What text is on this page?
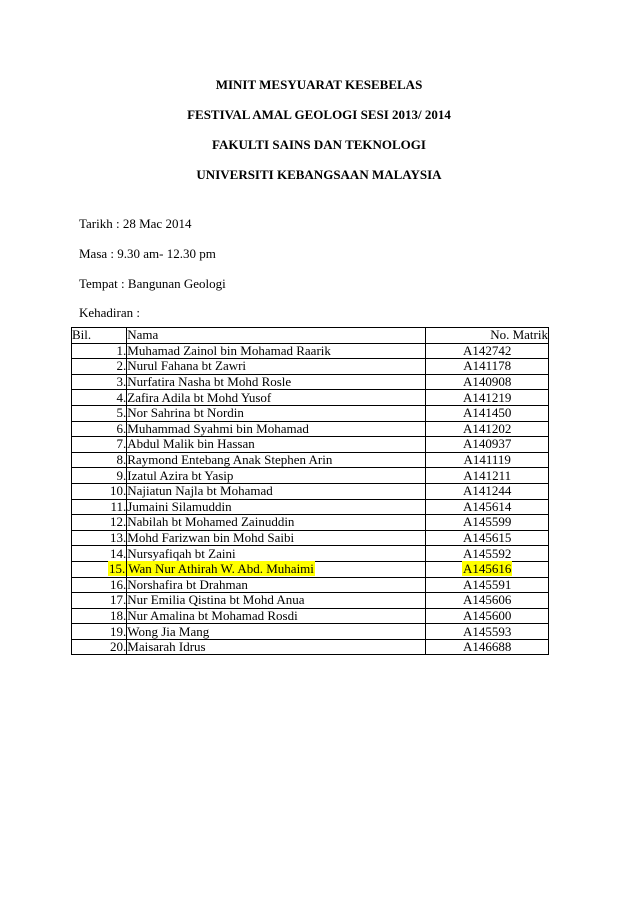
MINIT MESYUARAT KESEBELAS

FESTIVAL AMAL GEOLOGI SESI 2013/ 2014

FAKULTI SAINS DAN TEKNOLOGI

UNIVERSITI KEBANGSAAN MALAYSIA

Tarikh : 28 Mac 2014

Masa : 9.30 am- 12.30 pm

Tempat : Bangunan Geologi

Kehadiran :

Bil.	Nama	No. Matrik
1.	Muhamad Zainol bin Mohamad Raarik	A142742
2.	Nurul Fahana bt Zawri	A141178
3.	Nurfatira Nasha bt Mohd Rosle	A140908
4.	Zafira Adila bt Mohd Yusof	A141219
5.	Nor Sahrina bt Nordin	A141450
6.	Muhammad Syahmi bin Mohamad	A141202
7.	Abdul Malik bin Hassan	A140937
8.	Raymond Entebang Anak Stephen Arin	A141119
9.	Izatul Azira bt Yasip	A141211
10.	Najiatun Najla bt Mohamad	A141244
11.	Jumaini Silamuddin	A145614
12.	Nabilah bt Mohamed Zainuddin	A145599
13.	Mohd Farizwan bin Mohd Saibi	A145615
14.	Nursyafiqah bt Zaini	A145592
15.	Wan Nur Athirah W. Abd. Muhaimi	A145616
16.	Norshafira bt Drahman	A145591
17.	Nur Emilia Qistina bt Mohd Anua	A145606
18.	Nur Amalina bt Mohamad Rosdi	A145600
19.	Wong Jia Mang	A145593
20.	Maisarah Idrus	A146688
